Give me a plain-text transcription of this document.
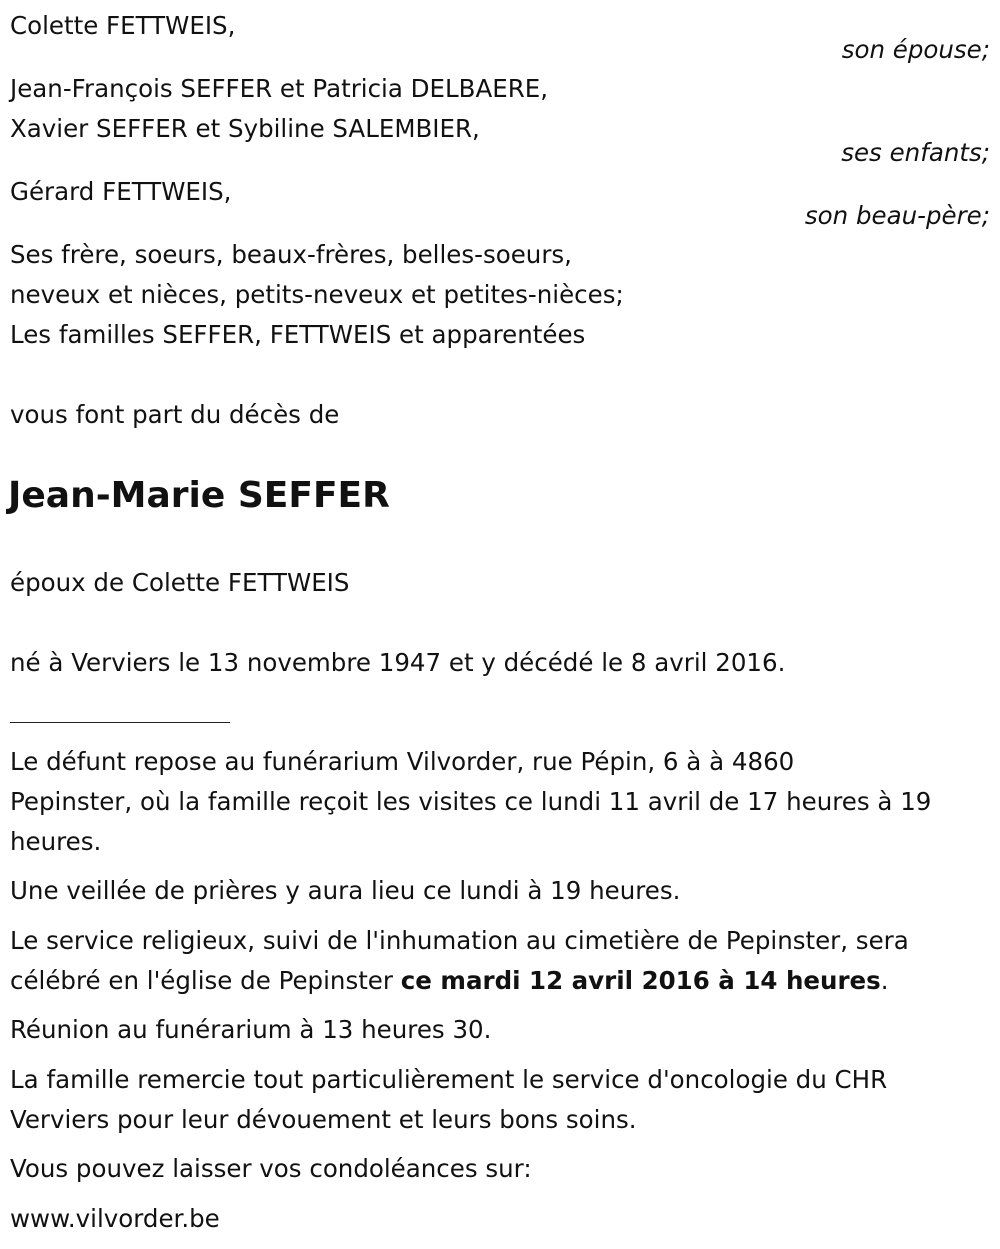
Colette FETTWEIS,
son épouse;
Jean-François SEFFER et Patricia DELBAERE,
Xavier SEFFER et Sybiline SALEMBIER,
ses enfants;
Gérard FETTWEIS,
son beau-père;
Ses frère, soeurs, beaux-frères, belles-soeurs,
neveux et nièces, petits-neveux et petites-nièces;
Les familles SEFFER, FETTWEIS et apparentées
vous font part du décès de
Jean-Marie SEFFER
époux de Colette FETTWEIS
né à Verviers le 13 novembre 1947 et y décédé le 8 avril 2016.
Le défunt repose au funérarium Vilvorder, rue Pépin, 6 à à 4860
Pepinster, où la famille reçoit les visites ce lundi 11 avril de 17 heures à 19
heures.
Une veillée de prières y aura lieu ce lundi à 19 heures.
Le service religieux, suivi de l'inhumation au cimetière de Pepinster, sera
célébré en l'église de Pepinster ce mardi 12 avril 2016 à 14 heures.
Réunion au funérarium à 13 heures 30.
La famille remercie tout particulièrement le service d'oncologie du CHR
Verviers pour leur dévouement et leurs bons soins.
Vous pouvez laisser vos condoléances sur:
www.vilvorder.be
